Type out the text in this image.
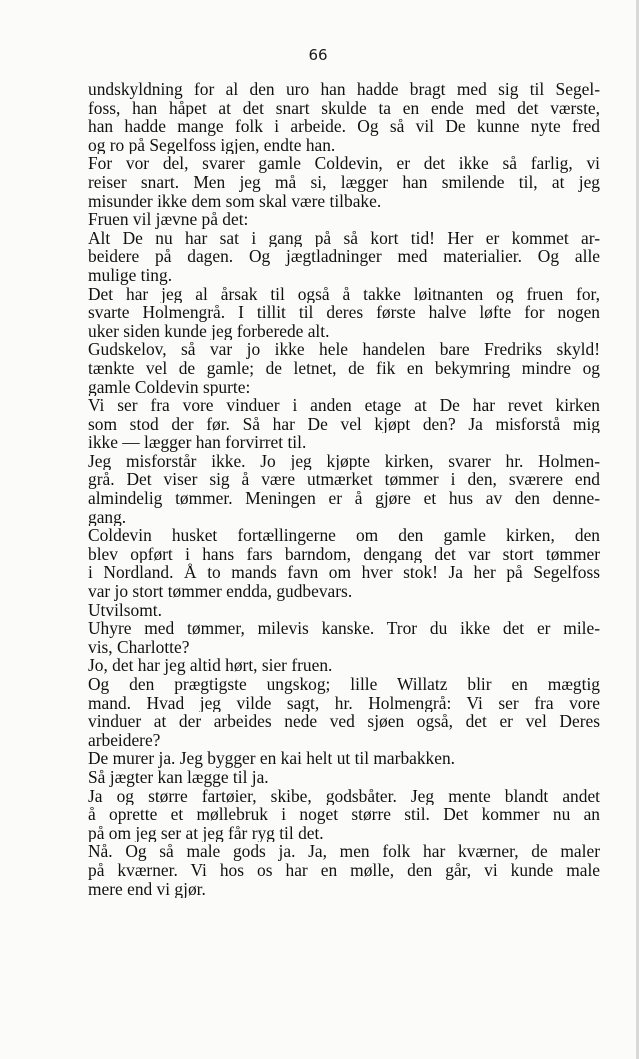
66
undskyldning for al den uro han hadde bragt med sig til Segel-
foss, han håpet at det snart skulde ta en ende med det værste,
han hadde mange folk i arbeide. Og så vil De kunne nyte fred
og ro på Segelfoss igjen, endte han.
For vor del, svarer gamle Coldevin, er det ikke så farlig, vi
reiser snart. Men jeg må si, lægger han smilende til, at jeg
misunder ikke dem som skal være tilbake.
Fruen vil jævne på det:
Alt De nu har sat i gang på så kort tid! Her er kommet ar-
beidere på dagen. Og jægtladninger med materialier. Og alle
mulige ting.
Det har jeg al årsak til også å takke løitnanten og fruen for,
svarte Holmengrå. I tillit til deres første halve løfte for nogen
uker siden kunde jeg forberede alt.
Gudskelov, så var jo ikke hele handelen bare Fredriks skyld!
tænkte vel de gamle; de letnet, de fik en bekymring mindre og
gamle Coldevin spurte:
Vi ser fra vore vinduer i anden etage at De har revet kirken
som stod der før. Så har De vel kjøpt den? Ja misforstå mig
ikke — lægger han forvirret til.
Jeg misforstår ikke. Jo jeg kjøpte kirken, svarer hr. Holmen-
grå. Det viser sig å være utmærket tømmer i den, sværere end
almindelig tømmer. Meningen er å gjøre et hus av den denne-
gang.
Coldevin husket fortællingerne om den gamle kirken, den
blev opført i hans fars barndom, dengang det var stort tømmer
i Nordland. Å to mands favn om hver stok! Ja her på Segelfoss
var jo stort tømmer endda, gudbevars.
Utvilsomt.
Uhyre med tømmer, milevis kanske. Tror du ikke det er mile-
vis, Charlotte?
Jo, det har jeg altid hørt, sier fruen.
Og den prægtigste ungskog; lille Willatz blir en mægtig
mand. Hvad jeg vilde sagt, hr. Holmengrå: Vi ser fra vore
vinduer at der arbeides nede ved sjøen også, det er vel Deres
arbeidere?
De murer ja. Jeg bygger en kai helt ut til marbakken.
Så jægter kan lægge til ja.
Ja og større fartøier, skibe, godsbåter. Jeg mente blandt andet
å oprette et møllebruk i noget større stil. Det kommer nu an
på om jeg ser at jeg får ryg til det.
Nå. Og så male gods ja. Ja, men folk har kværner, de maler
på kværner. Vi hos os har en mølle, den går, vi kunde male
mere end vi gjør.
